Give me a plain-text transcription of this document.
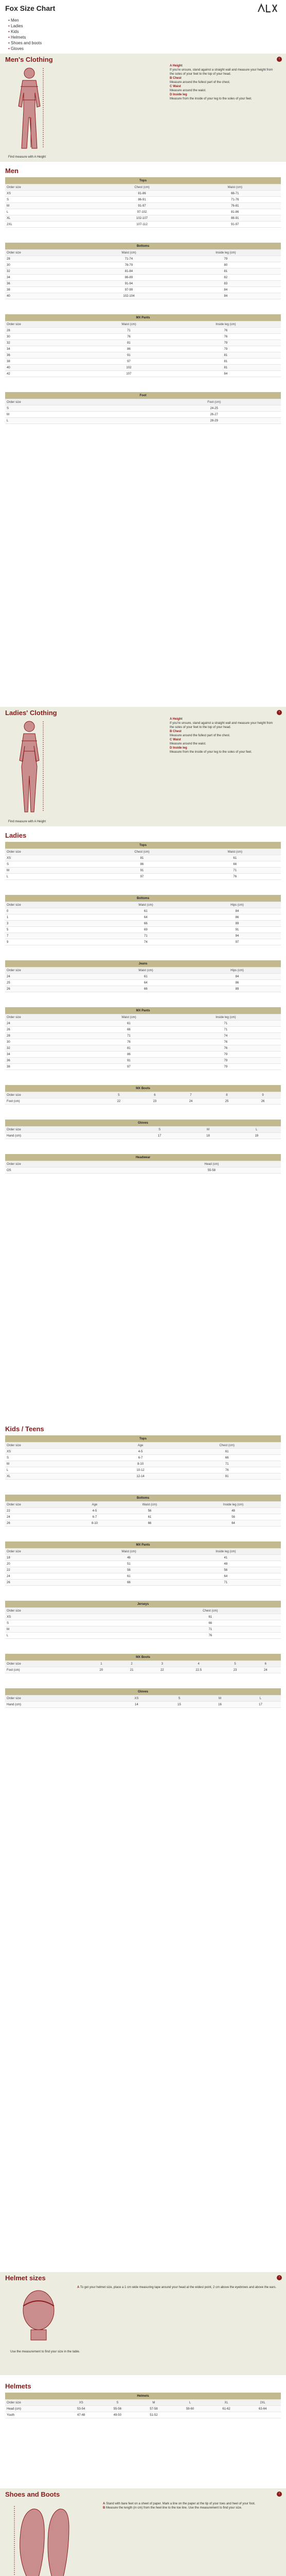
Fox Size Chart
• Men
• Ladies
• Kids
• Helmets
• Shoes and boots
• Gloves
Men's Clothing	↑
A Height
If you're unsure, stand against a straight wall and measure your height from the soles of your feet to the top of your head.
B Chest
Measure around the fullest part of the chest.
C Waist
Measure around the waist.
D Inside leg
Measure from the inside of your leg to the soles of your feet.
Find measure with A Height
Men
Tops		
Order size	Chest (cm)	Waist (cm)
XS	81-86	66-71
S	86-91	71-76
M	91-97	76-81
L	97-102	81-86
XL	102-107	86-91
2XL	107-112	91-97
Bottoms		
Order size	Waist (cm)	Inside leg (cm)
28	71-74	79
30	76-79	80
32	81-84	81
34	86-89	82
36	91-94	83
38	97-99	84
40	102-104	84
MX Pants		
Order size	Waist (cm)	Inside leg (cm)
28	71	76
30	76	76
32	81	79
34	86	79
36	91	81
38	97	81
40	102	81
42	107	84
Foot	
Order size	Foot (cm)
S	24-25
M	26-27
L	28-29
Ladies' Clothing	↑
A Height
If you're unsure, stand against a straight wall and measure your height from the soles of your feet to the top of your head.
B Chest
Measure around the fullest part of the chest.
C Waist
Measure around the waist.
D Inside leg
Measure from the inside of your leg to the soles of your feet.
Find measure with A Height
Ladies
Tops		
Order size	Chest (cm)	Waist (cm)
XS	81	61
S	86	66
M	91	71
L	97	76
Bottoms		
Order size	Waist (cm)	Hips (cm)
0	61	84
1	64	86
3	66	89
5	69	91
7	71	94
9	74	97
Jeans		
Order size	Waist (cm)	Hips (cm)
24	61	84
25	64	86
26	66	89
MX Pants		
Order size	Waist (cm)	Inside leg (cm)
24	61	71
26	66	71
28	71	74
30	76	76
32	81	76
34	86	79
36	91	79
38	97	79
MX Boots					
Order size	5	6	7	8	9
Foot (cm)	22	23	24	25	26
Gloves			
Order size	S	M	L
Hand (cm)	17	18	19
Headwear	
Order size	Head (cm)
OS	55-58
Kids / Teens
Tops		
Order size	Age	Chest (cm)
XS	4-5	61
S	6-7	66
M	8-10	71
L	10-12	76
XL	12-14	81
Bottoms			
Order size	Age	Waist (cm)	Inside leg (cm)
22	4-5	56	48
24	6-7	61	56
26	8-10	66	64
MX Pants		
Order size	Waist (cm)	Inside leg (cm)
18	46	41
20	51	48
22	56	56
24	61	64
26	66	71
Jerseys	
Order size	Chest (cm)
XS	61
S	66
M	71
L	76
MX Boots						
Order size	1	2	3	4	5	6
Foot (cm)	20	21	22	22.5	23	24
Gloves				
Order size	XS	S	M	L
Hand (cm)	14	15	16	17
Helmet sizes	↑
A To get your helmet size, place a 1 cm wide measuring tape around your head at the widest point, 2 cm above the eyebrows and above the ears.
Use the measurement to find your size in the table.
Helmets
Helmets						
Order size	XS	S	M	L	XL	2XL
Head (cm)	53-54	55-56	57-58	59-60	61-62	63-64
Youth	47-48	49-50	51-52			
Shoes and Boots	↑
A Stand with bare feet on a sheet of paper. Mark a line on the paper at the tip of your toes and heel of your foot.
B Measure the length (in cm) from the heel line to the toe line. Use the measurement to find your size.
